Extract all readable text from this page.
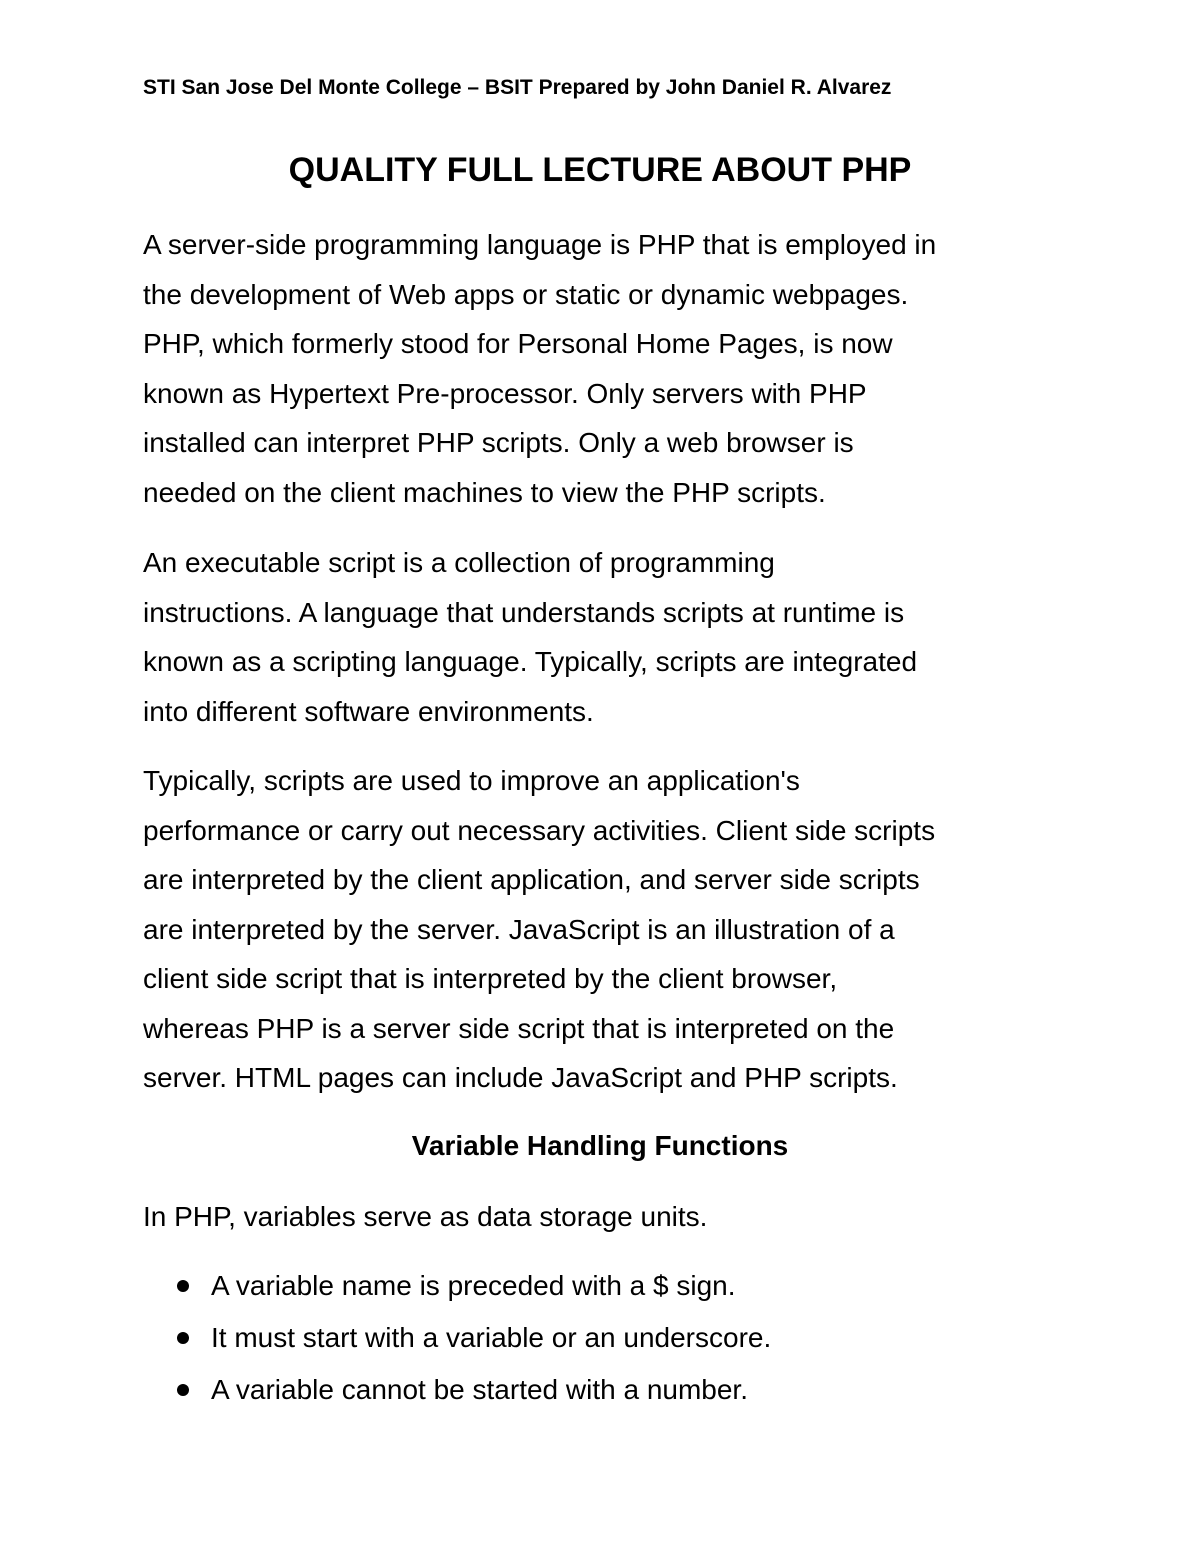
STI San Jose Del Monte College – BSIT Prepared by John Daniel R. Alvarez
QUALITY FULL LECTURE ABOUT PHP

A server-side programming language is PHP that is employed in
the development of Web apps or static or dynamic webpages.
PHP, which formerly stood for Personal Home Pages, is now
known as Hypertext Pre-processor. Only servers with PHP
installed can interpret PHP scripts. Only a web browser is
needed on the client machines to view the PHP scripts.

An executable script is a collection of programming
instructions. A language that understands scripts at runtime is
known as a scripting language. Typically, scripts are integrated
into different software environments.

Typically, scripts are used to improve an application's
performance or carry out necessary activities. Client side scripts
are interpreted by the client application, and server side scripts
are interpreted by the server. JavaScript is an illustration of a
client side script that is interpreted by the client browser,
whereas PHP is a server side script that is interpreted on the
server. HTML pages can include JavaScript and PHP scripts.

Variable Handling Functions
In PHP, variables serve as data storage units.
A variable name is preceded with a $ sign.
It must start with a variable or an underscore.
A variable cannot be started with a number.
